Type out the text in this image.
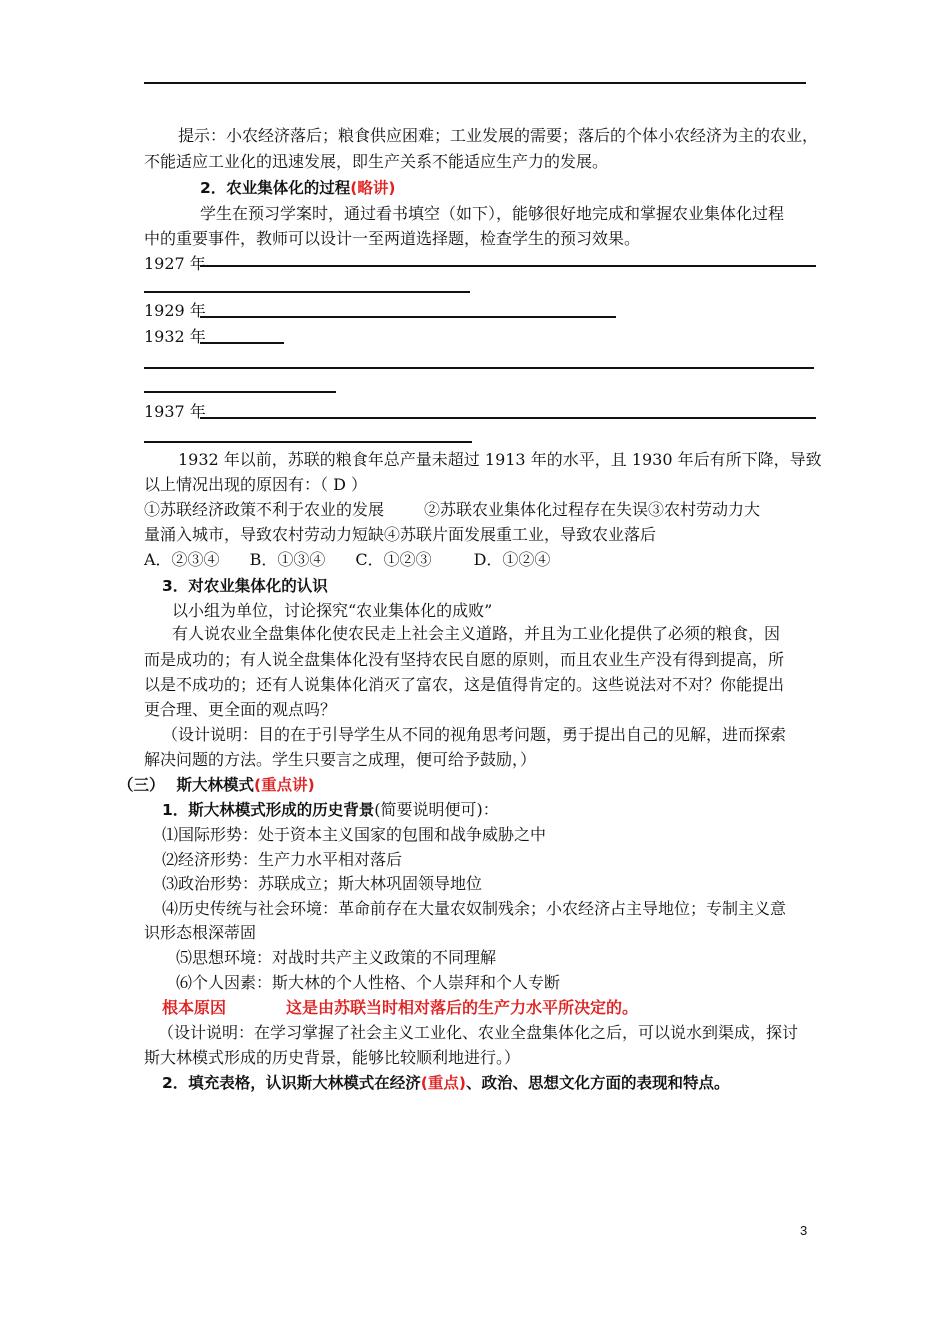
提示：小农经济落后；粮食供应困难；工业发展的需要；落后的个体小农经济为主的农业，
不能适应工业化的迅速发展，即生产关系不能适应生产力的发展。
2．农业集体化的过程(略讲)
学生在预习学案时，通过看书填空（如下），能够很好地完成和掌握农业集体化过程
中的重要事件，教师可以设计一至两道选择题，检查学生的预习效果。
1927 年
1929 年
1932 年
1937 年
1932 年以前，苏联的粮食年总产量未超过 1913 年的水平，且 1930 年后有所下降，导致
以上情况出现的原因有：（ D ）
①苏联经济政策不利于农业的发展	②苏联农业集体化过程存在失误③农村劳动力大
量涌入城市，导致农村劳动力短缺④苏联片面发展重工业，导致农业落后
A．②③④ B．①③④ C．①②③	D．①②④
3．对农业集体化的认识
以小组为单位，讨论探究“农业集体化的成败”
有人说农业全盘集体化使农民走上社会主义道路，并且为工业化提供了必须的粮食，因
而是成功的；有人说全盘集体化没有坚持农民自愿的原则，而且农业生产没有得到提高，所
以是不成功的；还有人说集体化消灭了富农，这是值得肯定的。这些说法对不对？你能提出
更合理、更全面的观点吗？
（设计说明：目的在于引导学生从不同的视角思考问题，勇于提出自己的见解，进而探索
解决问题的方法。学生只要言之成理，便可给予鼓励，）
（三） 斯大林模式(重点讲)
1．斯大林模式形成的历史背景(简要说明便可)：
⑴国际形势：处于资本主义国家的包围和战争威胁之中
⑵经济形势：生产力水平相对落后
⑶政治形势：苏联成立；斯大林巩固领导地位
⑷历史传统与社会环境：革命前存在大量农奴制残余；小农经济占主导地位；专制主义意
识形态根深蒂固
⑸思想环境：对战时共产主义政策的不同理解
⑹个人因素：斯大林的个人性格、个人崇拜和个人专断
根本原因	这是由苏联当时相对落后的生产力水平所决定的。
（设计说明：在学习掌握了社会主义工业化、农业全盘集体化之后，可以说水到渠成，探讨
斯大林模式形成的历史背景，能够比较顺利地进行。）
2．填充表格，认识斯大林模式在经济(重点)、政治、思想文化方面的表现和特点。
3
